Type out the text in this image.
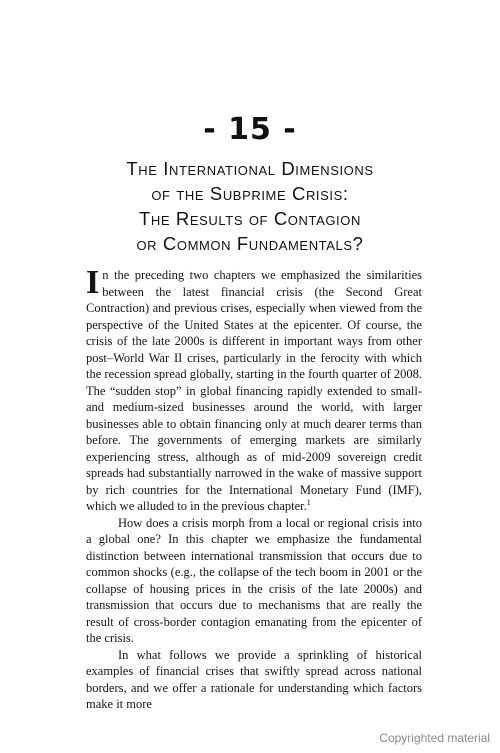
- 15 -
The International Dimensions
of the Subprime Crisis:
The Results of Contagion
or Common Fundamentals?

I n the preceding two chapters we emphasized the similarities between the latest financial crisis (the Second Great Contraction) and previous crises, especially when viewed from the perspective of the United States at the epicenter. Of course, the crisis of the late 2000s is different in important ways from other post–World War II crises, particularly in the ferocity with which the recession spread globally, starting in the fourth quarter of 2008. The “sudden stop” in global financing rapidly extended to small- and medium-sized businesses around the world, with larger businesses able to obtain financing only at much dearer terms than before. The governments of emerging markets are similarly experiencing stress, although as of mid-2009 sovereign credit spreads had substantially narrowed in the wake of massive support by rich countries for the International Monetary Fund (IMF), which we alluded to in the previous chapter.$^1$

How does a crisis morph from a local or regional crisis into a global one? In this chapter we emphasize the fundamental distinction between international transmission that occurs due to common shocks (e.g., the collapse of the tech boom in 2001 or the collapse of housing prices in the crisis of the late 2000s) and transmission that occurs due to mechanisms that are really the result of cross-border contagion emanating from the epicenter of the crisis.

In what follows we provide a sprinkling of historical examples of financial crises that swiftly spread across national borders, and we offer a rationale for understanding which factors make it more

Copyrighted material
